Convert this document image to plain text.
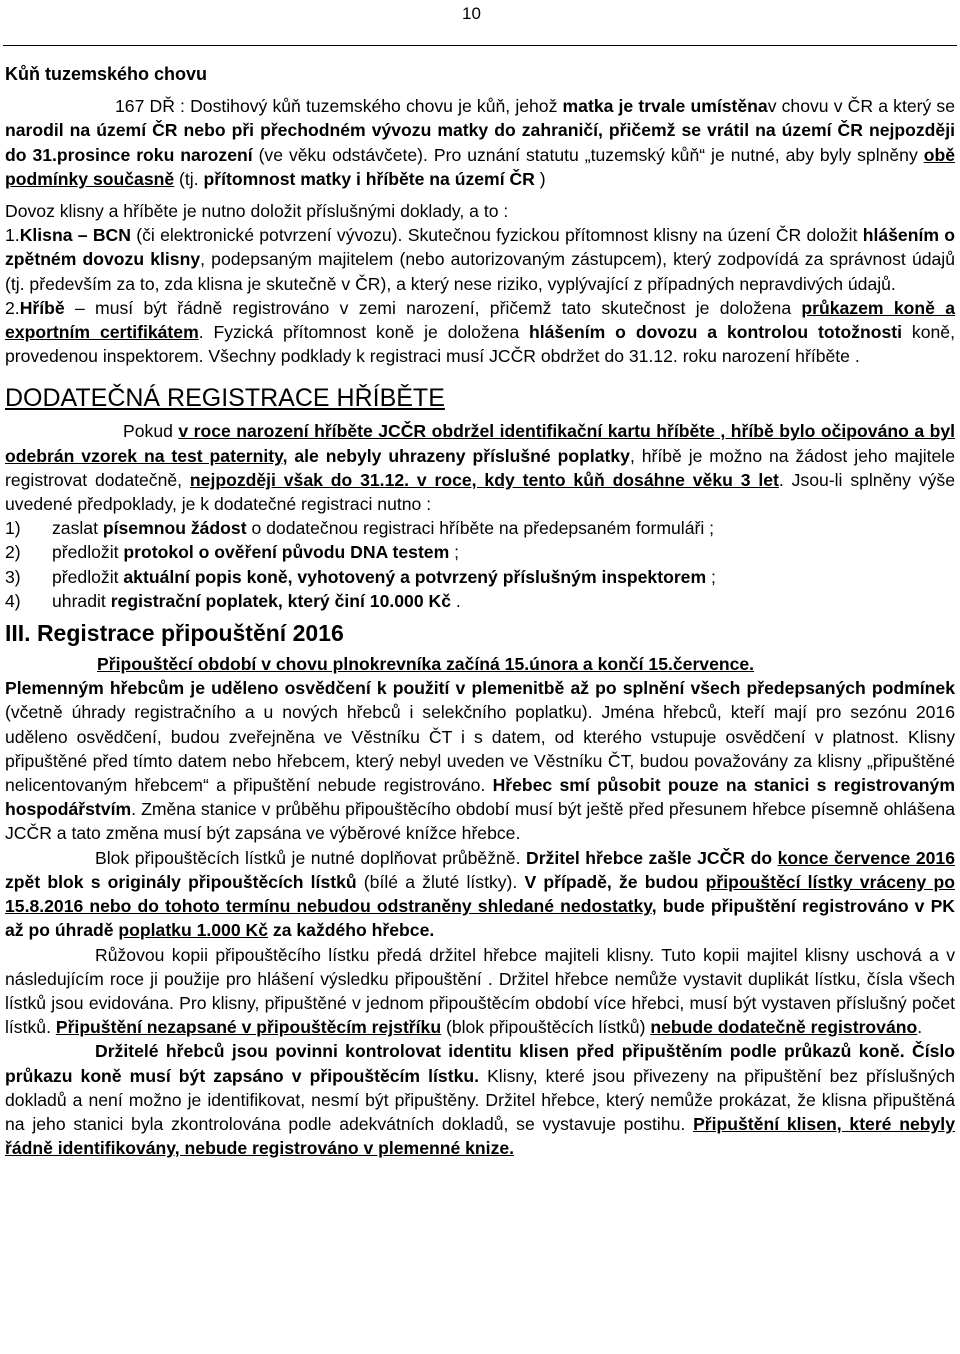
10

Kůň tuzemského chovu

167 DŘ : Dostihový kůň tuzemského chovu je kůň, jehož matka je trvale umístěnav chovu v ČR a který se narodil na území ČR nebo při přechodném vývozu matky do zahraničí, přičemž se vrátil na území ČR nejpozději do 31.prosince roku narození (ve věku odstávčete). Pro uznání statutu „tuzemský kůň“ je nutné, aby byly splněny obě podmínky současně (tj. přítomnost matky i hříběte na území ČR )

Dovoz klisny a hříběte je nutno doložit příslušnými doklady, a to :

1.Klisna – BCN (či elektronické potvrzení vývozu). Skutečnou fyzickou přítomnost klisny na úzení ČR doložit hlášením o zpětném dovozu klisny, podepsaným majitelem (nebo autorizovaným zástupcem), který zodpovídá za správnost údajů (tj. především za to, zda klisna je skutečně v ČR), a který nese riziko, vyplývající z případných nepravdivých údajů.

2.Hříbě – musí být řádně registrováno v zemi narození, přičemž tato skutečnost je doložena průkazem koně a exportním certifikátem. Fyzická přítomnost koně je doložena hlášením o dovozu a kontrolou totožnosti koně, provedenou inspektorem. Všechny podklady k registraci musí JCČR obdržet do 31.12. roku narození hříběte .

DODATEČNÁ REGISTRACE HŘÍBĚTE

Pokud v roce narození hříběte JCČR obdržel identifikační kartu hříběte , hříbě bylo očipováno a byl odebrán vzorek na test paternity, ale nebyly uhrazeny příslušné poplatky, hříbě je možno na žádost jeho majitele registrovat dodatečně, nejpozději však do 31.12. v roce, kdy tento kůň dosáhne věku 3 let. Jsou-li splněny výše uvedené předpoklady, je k dodatečné registraci nutno :

1)	zaslat písemnou žádost o dodatečnou registraci hříběte na předepsaném formuláři ;
2)	předložit protokol o ověření původu DNA testem ;
3)	předložit aktuální popis koně, vyhotovený a potvrzený příslušným inspektorem ;
4)	uhradit registrační poplatek, který činí 10.000 Kč .

III. Registrace připouštění 2016

Připouštěcí období v chovu plnokrevníka začíná 15.února a končí 15.července.

Plemenným hřebcům je uděleno osvědčení k použití v plemenitbě až po splnění všech předepsaných podmínek (včetně úhrady registračního a u nových hřebců i selekčního poplatku). Jména hřebců, kteří mají pro sezónu 2016 uděleno osvědčení, budou zveřejněna ve Věstníku ČT i s datem, od kterého vstupuje osvědčení v platnost. Klisny připuštěné před tímto datem nebo hřebcem, který nebyl uveden ve Věstníku ČT, budou považovány za klisny „připuštěné nelicentovaným hřebcem“ a připuštění nebude registrováno. Hřebec smí působit pouze na stanici s registrovaným hospodářstvím. Změna stanice v průběhu připouštěcího období musí být ještě před přesunem hřebce písemně ohlášena JCČR a tato změna musí být zapsána ve výběrové knížce hřebce.

Blok připouštěcích lístků je nutné doplňovat průběžně. Držitel hřebce zašle JCČR do konce července 2016 zpět blok s originály připouštěcích lístků (bílé a žluté lístky). V případě, že budou připouštěcí lístky vráceny po 15.8.2016 nebo do tohoto termínu nebudou odstraněny shledané nedostatky, bude připuštění registrováno v PK až po úhradě poplatku 1.000 Kč za každého hřebce.

Růžovou kopii připouštěcího lístku předá držitel hřebce majiteli klisny. Tuto kopii majitel klisny uschová a v následujícím roce ji použije pro hlášení výsledku připouštění . Držitel hřebce nemůže vystavit duplikát lístku, čísla všech lístků jsou evidována. Pro klisny, připuštěné v jednom připouštěcím období více hřebci, musí být vystaven příslušný počet lístků. Připuštění nezapsané v připouštěcím rejstříku (blok připouštěcích lístků) nebude dodatečně registrováno.

Držitelé hřebců jsou povinni kontrolovat identitu klisen před připuštěním podle průkazů koně. Číslo průkazu koně musí být zapsáno v připouštěcím lístku. Klisny, které jsou přivezeny na připuštění bez příslušných dokladů a není možno je identifikovat, nesmí být připuštěny. Držitel hřebce, který nemůže prokázat, že klisna připuštěná na jeho stanici byla zkontrolována podle adekvátních dokladů, se vystavuje postihu. Připuštění klisen, které nebyly řádně identifikovány, nebude registrováno v plemenné knize.
